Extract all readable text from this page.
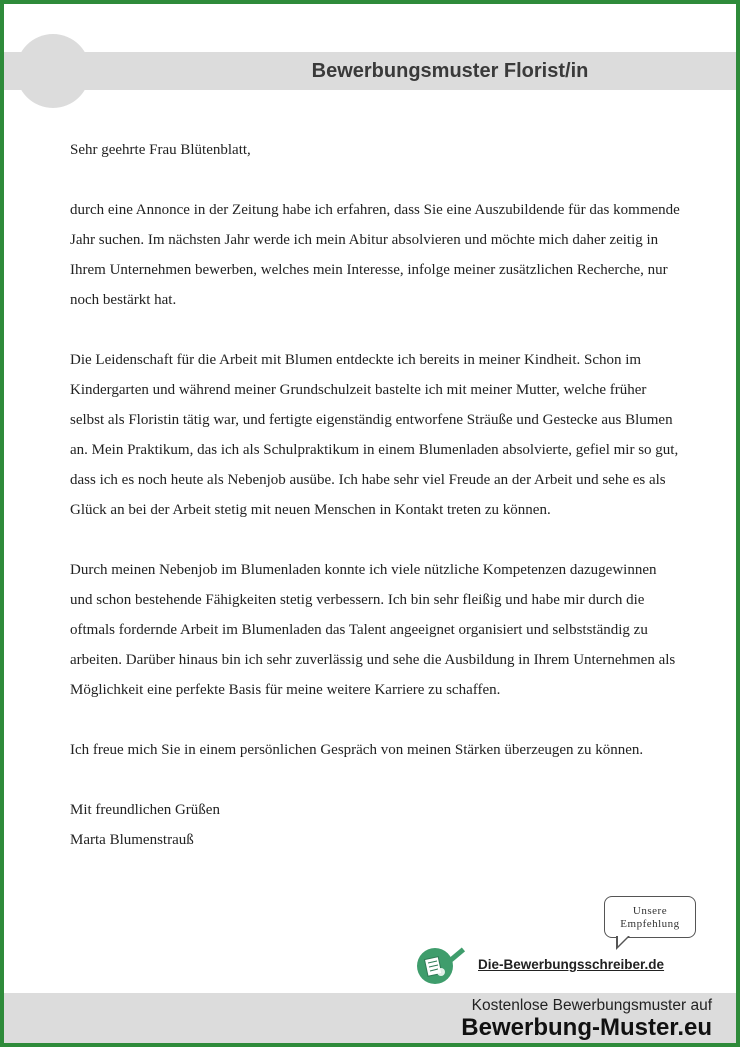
Bewerbungsmuster Florist/in

Sehr geehrte Frau Blütenblatt,

durch eine Annonce in der Zeitung habe ich erfahren, dass Sie eine Auszubildende für das kommende Jahr suchen. Im nächsten Jahr werde ich mein Abitur absolvieren und möchte mich daher zeitig in Ihrem Unternehmen bewerben, welches mein Interesse, infolge meiner zusätzlichen Recherche, nur noch bestärkt hat.

Die Leidenschaft für die Arbeit mit Blumen entdeckte ich bereits in meiner Kindheit. Schon im Kindergarten und während meiner Grundschulzeit bastelte ich mit meiner Mutter, welche früher selbst als Floristin tätig war, und fertigte eigenständig entworfene Sträuße und Gestecke aus Blumen an. Mein Praktikum, das ich als Schulpraktikum in einem Blumenladen absolvierte, gefiel mir so gut, dass ich es noch heute als Nebenjob ausübe. Ich habe sehr viel Freude an der Arbeit und sehe es als Glück an bei der Arbeit stetig mit neuen Menschen in Kontakt treten zu können.

Durch meinen Nebenjob im Blumenladen konnte ich viele nützliche Kompetenzen dazugewinnen und schon bestehende Fähigkeiten stetig verbessern. Ich bin sehr fleißig und habe mir durch die oftmals fordernde Arbeit im Blumenladen das Talent angeeignet organisiert und selbstständig zu arbeiten. Darüber hinaus bin ich sehr zuverlässig und sehe die Ausbildung in Ihrem Unternehmen als Möglichkeit eine perfekte Basis für meine weitere Karriere zu schaffen.

Ich freue mich Sie in einem persönlichen Gespräch von meinen Stärken überzeugen zu können.

Mit freundlichen Grüßen

Marta Blumenstrauß

Unsere
Empfehlung
Die-Bewerbungsschreiber.de
Kostenlose Bewerbungsmuster auf
Bewerbung-Muster.eu
